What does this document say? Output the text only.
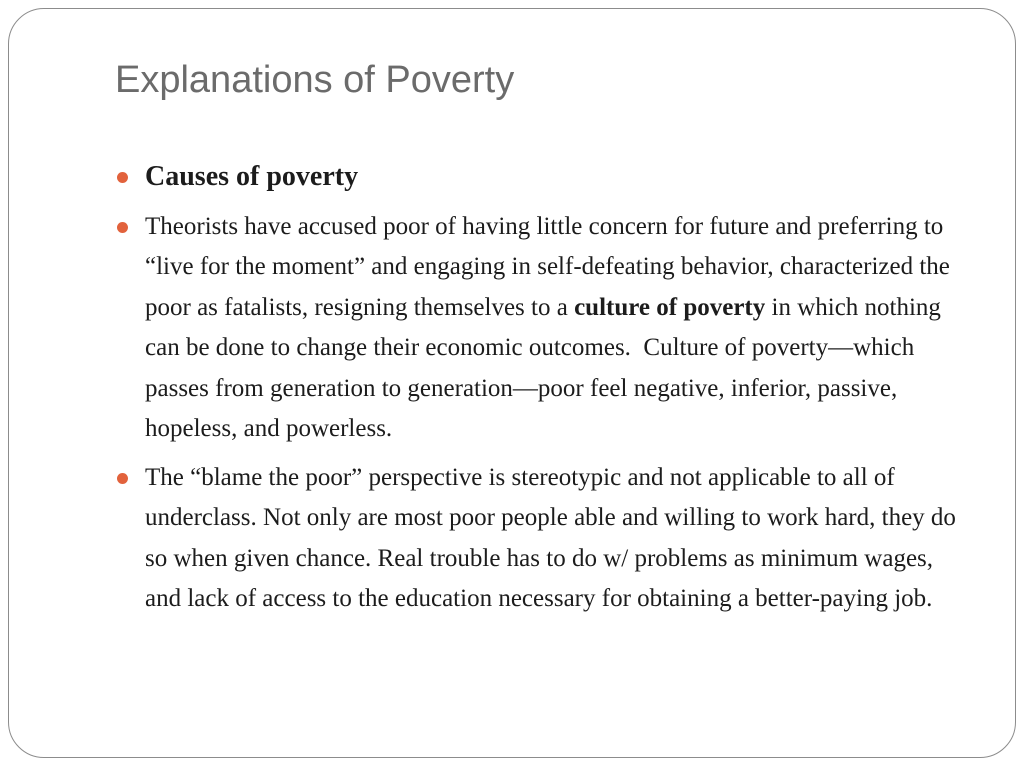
Explanations of Poverty
Causes of poverty
Theorists have accused poor of having little concern for future and preferring to “live for the moment” and engaging in self-defeating behavior, characterized the poor as fatalists, resigning themselves to a culture of poverty in which nothing can be done to change their economic outcomes.  Culture of poverty—which passes from generation to generation—poor feel negative, inferior, passive, hopeless, and powerless.
The “blame the poor” perspective is stereotypic and not applicable to all of underclass. Not only are most poor people able and willing to work hard, they do so when given chance. Real trouble has to do w/ problems as minimum wages, and lack of access to the education necessary for obtaining a better-paying job.
